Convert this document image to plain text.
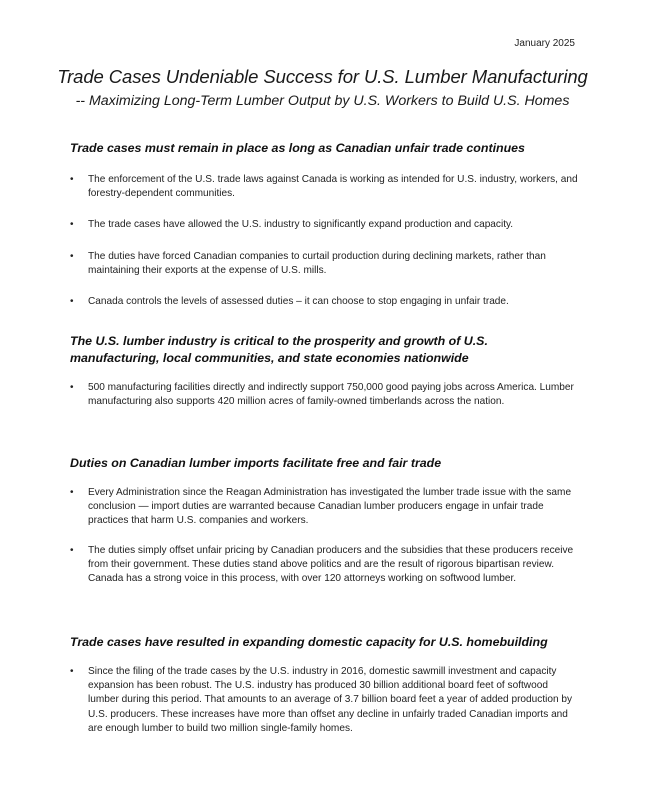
January 2025
Trade Cases Undeniable Success for U.S. Lumber Manufacturing
-- Maximizing Long-Term Lumber Output by U.S. Workers to Build U.S. Homes
Trade cases must remain in place as long as Canadian unfair trade continues
• The enforcement of the U.S. trade laws against Canada is working as intended for U.S. industry, workers, and forestry-dependent communities.
• The trade cases have allowed the U.S. industry to significantly expand production and capacity.
• The duties have forced Canadian companies to curtail production during declining markets, rather than maintaining their exports at the expense of U.S. mills.
• Canada controls the levels of assessed duties – it can choose to stop engaging in unfair trade.
The U.S. lumber industry is critical to the prosperity and growth of U.S. manufacturing, local communities, and state economies nationwide
• 500 manufacturing facilities directly and indirectly support 750,000 good paying jobs across America. Lumber manufacturing also supports 420 million acres of family-owned timberlands across the nation.
Duties on Canadian lumber imports facilitate free and fair trade
• Every Administration since the Reagan Administration has investigated the lumber trade issue with the same conclusion — import duties are warranted because Canadian lumber producers engage in unfair trade practices that harm U.S. companies and workers.
• The duties simply offset unfair pricing by Canadian producers and the subsidies that these producers receive from their government. These duties stand above politics and are the result of rigorous bipartisan review. Canada has a strong voice in this process, with over 120 attorneys working on softwood lumber.
Trade cases have resulted in expanding domestic capacity for U.S. homebuilding
• Since the filing of the trade cases by the U.S. industry in 2016, domestic sawmill investment and capacity expansion has been robust. The U.S. industry has produced 30 billion additional board feet of softwood lumber during this period. That amounts to an average of 3.7 billion board feet a year of added production by U.S. producers. These increases have more than offset any decline in unfairly traded Canadian imports and are enough lumber to build two million single-family homes.
